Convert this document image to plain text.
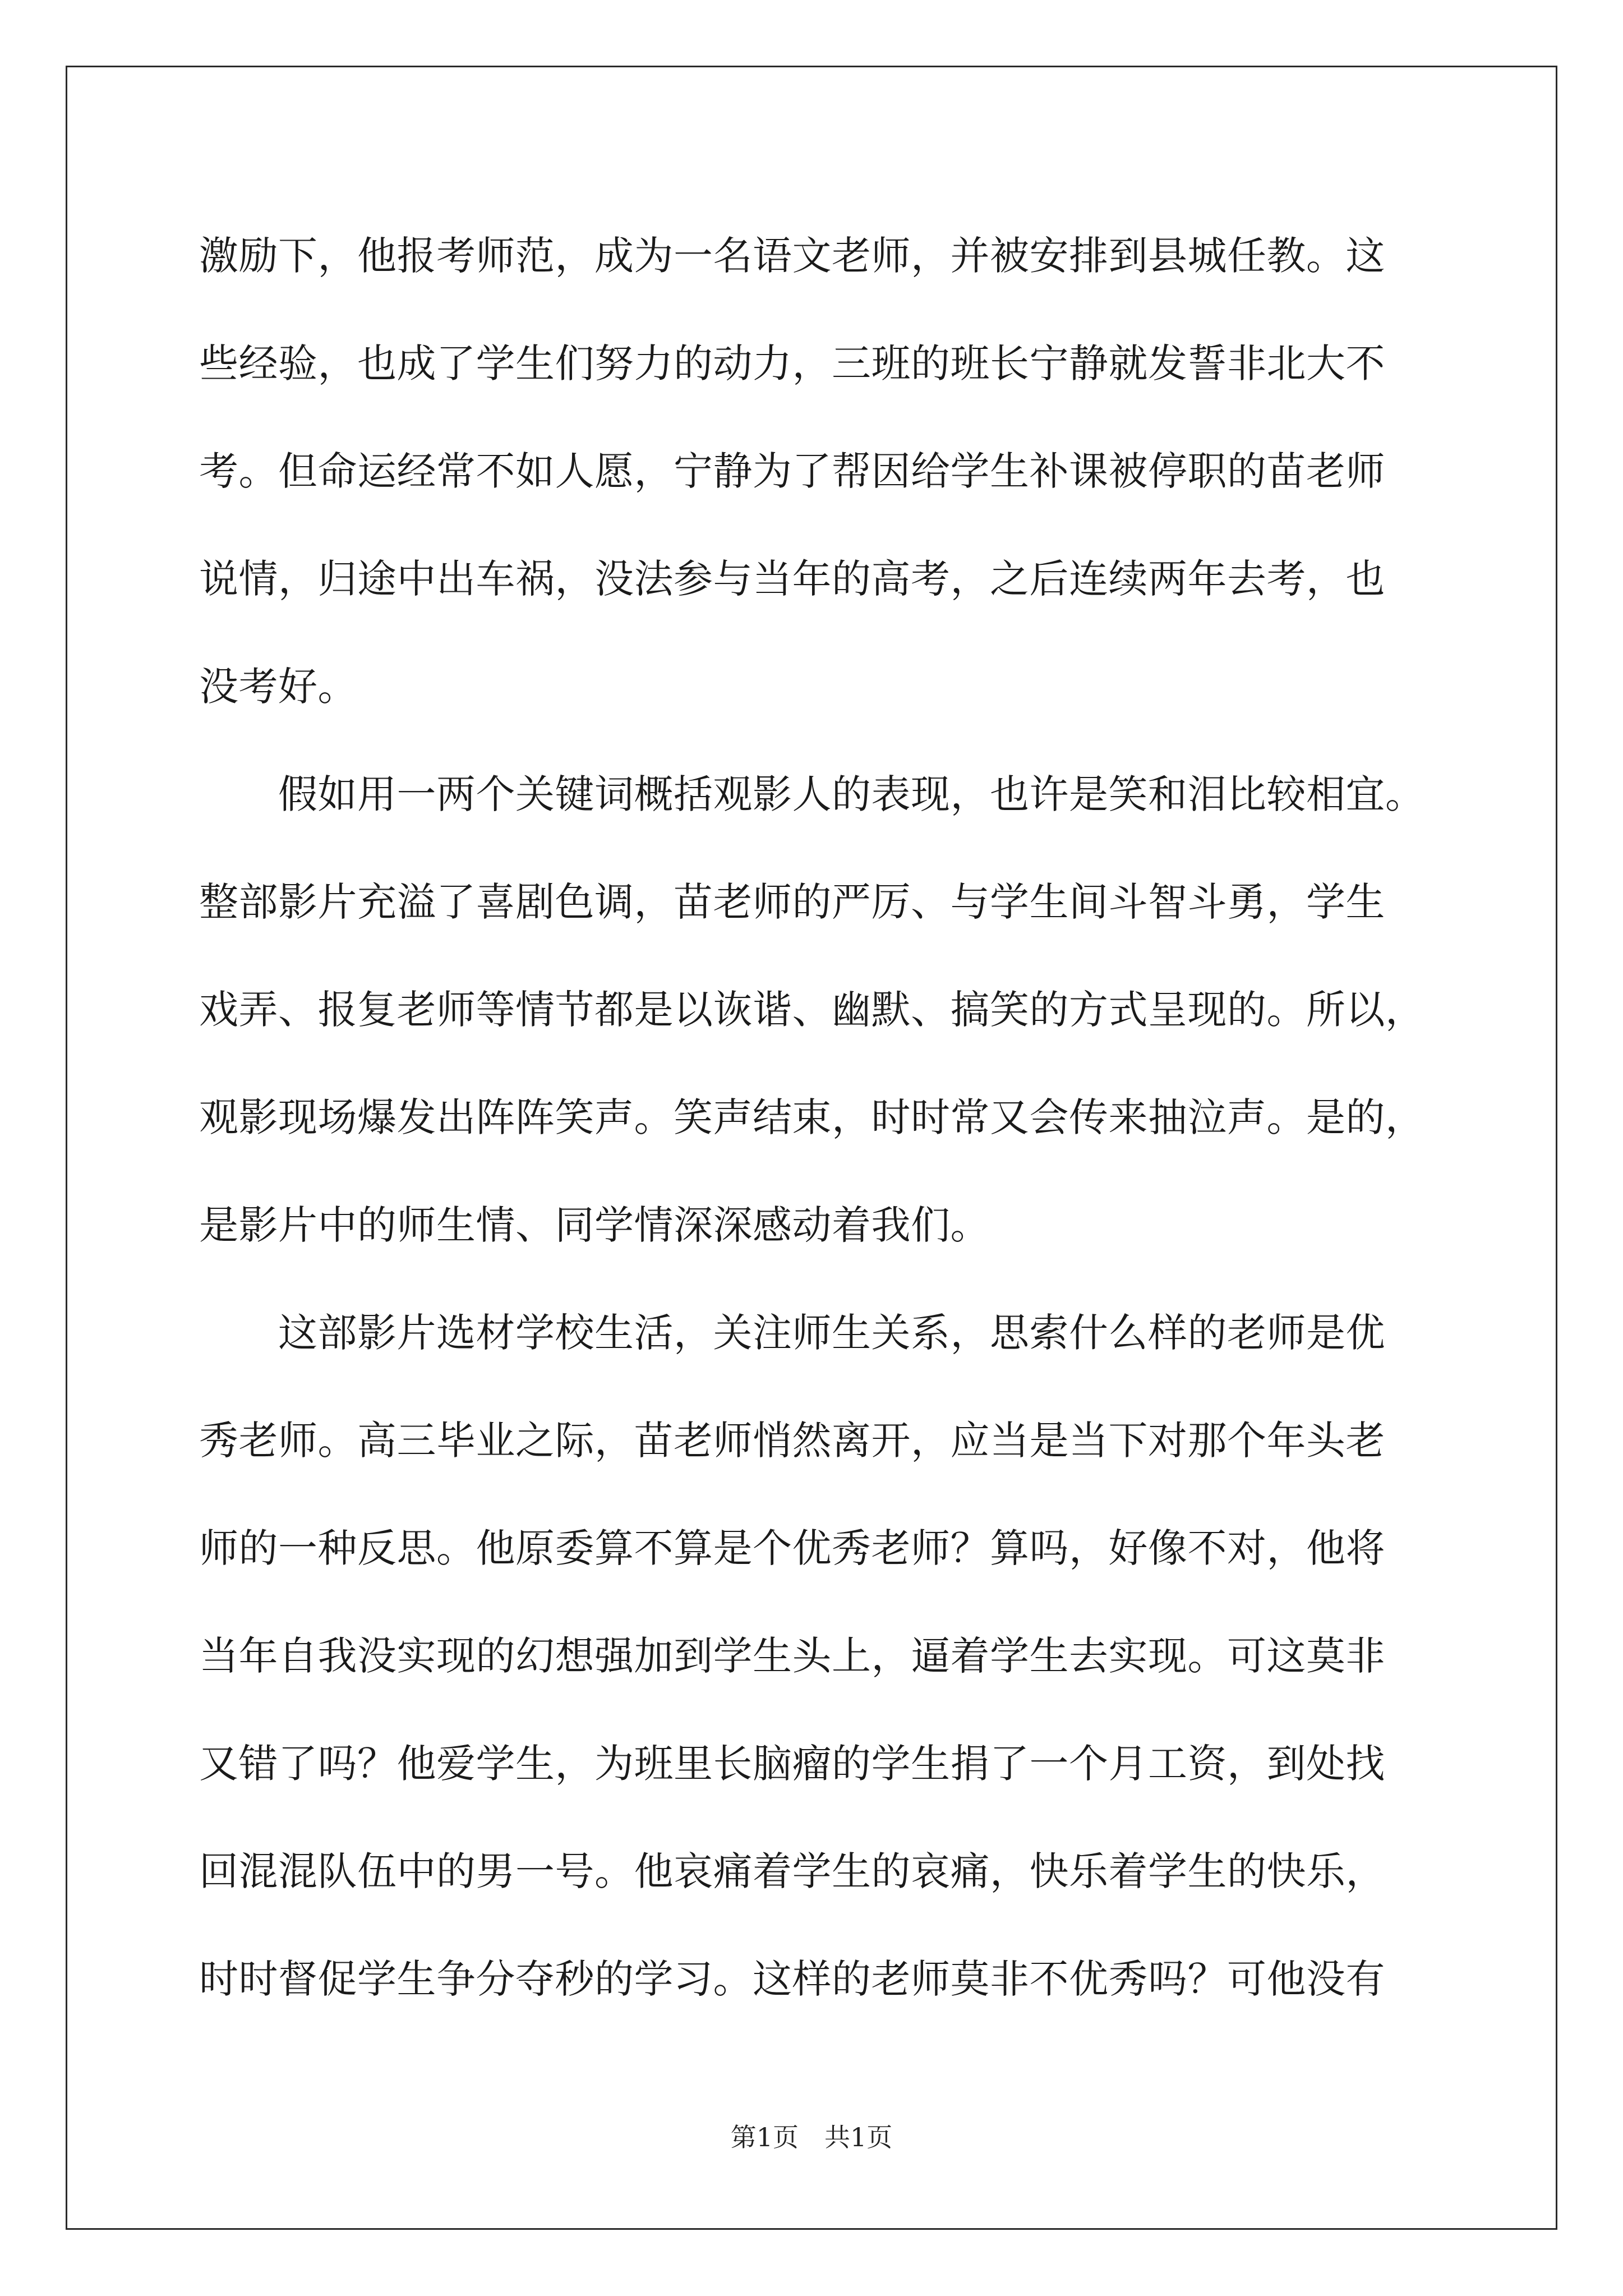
激励下，他报考师范，成为一名语文老师，并被安排到县城任教。这
些经验，也成了学生们努力的动力，三班的班长宁静就发誓非北大不
考。但命运经常不如人愿，宁静为了帮因给学生补课被停职的苗老师
说情，归途中出车祸，没法参与当年的高考，之后连续两年去考，也
没考好。
　　假如用一两个关键词概括观影人的表现，也许是笑和泪比较相宜。
整部影片充溢了喜剧色调，苗老师的严厉、与学生间斗智斗勇，学生
戏弄、报复老师等情节都是以诙谐、幽默、搞笑的方式呈现的。所以，
观影现场爆发出阵阵笑声。笑声结束，时时常又会传来抽泣声。是的，
是影片中的师生情、同学情深深感动着我们。
　　这部影片选材学校生活，关注师生关系，思索什么样的老师是优
秀老师。高三毕业之际，苗老师悄然离开，应当是当下对那个年头老
师的一种反思。他原委算不算是个优秀老师？算吗，好像不对，他将
当年自我没实现的幻想强加到学生头上，逼着学生去实现。可这莫非
又错了吗？他爱学生，为班里长脑瘤的学生捐了一个月工资，到处找
回混混队伍中的男一号。他哀痛着学生的哀痛，快乐着学生的快乐，
时时督促学生争分夺秒的学习。这样的老师莫非不优秀吗？可他没有
第1页　共1页
